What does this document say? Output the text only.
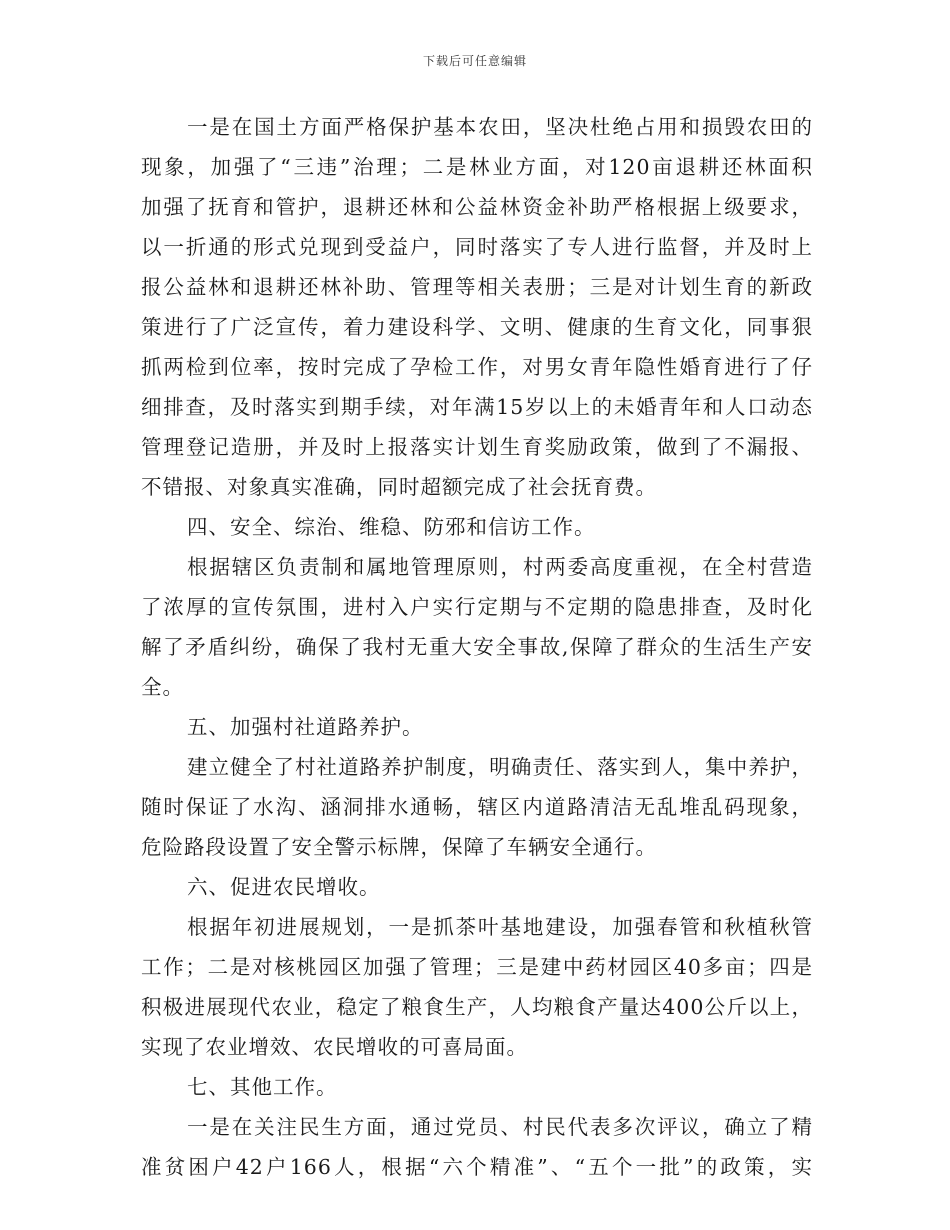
下载后可任意编辑
一是在国土方面严格保护基本农田，坚决杜绝占用和损毁农田的
现象，加强了“三违”治理；二是林业方面，对120亩退耕还林面积
加强了抚育和管护，退耕还林和公益林资金补助严格根据上级要求，
以一折通的形式兑现到受益户，同时落实了专人进行监督，并及时上
报公益林和退耕还林补助、管理等相关表册；三是对计划生育的新政
策进行了广泛宣传，着力建设科学、文明、健康的生育文化，同事狠
抓两检到位率，按时完成了孕检工作，对男女青年隐性婚育进行了仔
细排查，及时落实到期手续，对年满15岁以上的未婚青年和人口动态
管理登记造册，并及时上报落实计划生育奖励政策，做到了不漏报、
不错报、对象真实准确，同时超额完成了社会抚育费。
四、安全、综治、维稳、防邪和信访工作。
根据辖区负责制和属地管理原则，村两委高度重视，在全村营造
了浓厚的宣传氛围，进村入户实行定期与不定期的隐患排查，及时化
解了矛盾纠纷，确保了我村无重大安全事故,保障了群众的生活生产安
全。
五、加强村社道路养护。
建立健全了村社道路养护制度，明确责任、落实到人，集中养护，
随时保证了水沟、涵洞排水通畅，辖区内道路清洁无乱堆乱码现象，
危险路段设置了安全警示标牌，保障了车辆安全通行。
六、促进农民增收。
根据年初进展规划，一是抓茶叶基地建设，加强春管和秋植秋管
工作；二是对核桃园区加强了管理；三是建中药材园区40多亩；四是
积极进展现代农业，稳定了粮食生产，人均粮食产量达400公斤以上，
实现了农业增效、农民增收的可喜局面。
七、其他工作。
一是在关注民生方面，通过党员、村民代表多次评议，确立了精
准贫困户42户166人，根据“六个精准”、“五个一批”的政策，实
